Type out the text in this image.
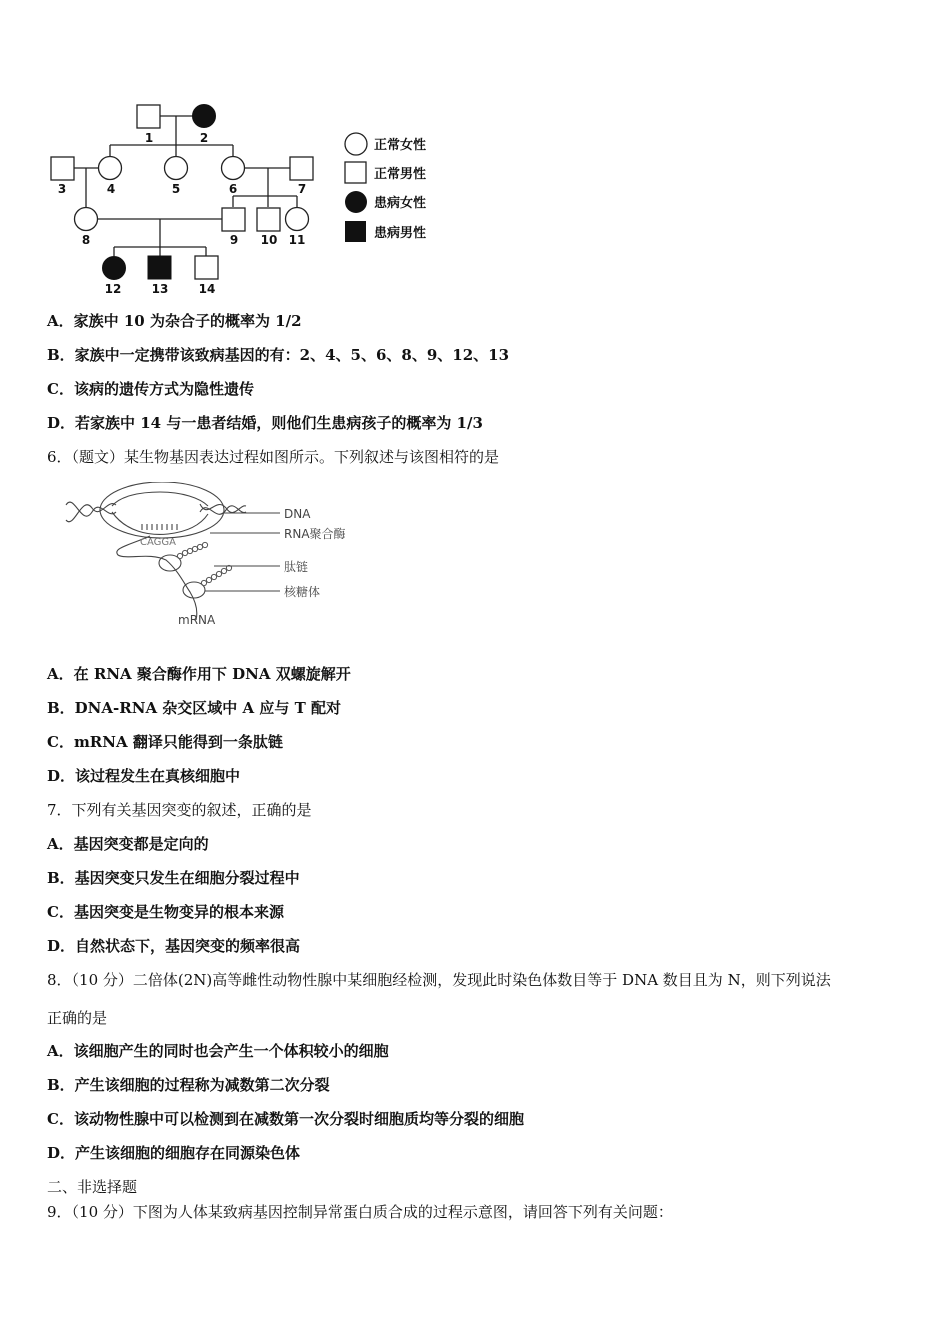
1	2
3	4	5	6	7
8	9 10 11
12	13	14
正常女性
正常男性
患病女性
患病男性
A．家族中 10 为杂合子的概率为 1/2
B．家族中一定携带该致病基因的有：2、4、5、6、8、9、12、13
C．该病的遗传方式为隐性遗传
D．若家族中 14 与一患者结婚，则他们生患病孩子的概率为 1/3
6．（题文）某生物基因表达过程如图所示。下列叙述与该图相符的是
CAGGA
DNA
RNA聚合酶
肽链
核糖体
mRNA
A．在 RNA 聚合酶作用下 DNA 双螺旋解开
B．DNA-RNA 杂交区域中 A 应与 T 配对
C．mRNA 翻译只能得到一条肽链
D．该过程发生在真核细胞中
7．下列有关基因突变的叙述，正确的是
A．基因突变都是定向的
B．基因突变只发生在细胞分裂过程中
C．基因突变是生物变异的根本来源
D．自然状态下，基因突变的频率很高
8．（10 分）二倍体(2N)高等雌性动物性腺中某细胞经检测，发现此时染色体数目等于 DNA 数目且为 N，则下列说法
正确的是
A．该细胞产生的同时也会产生一个体积较小的细胞
B．产生该细胞的过程称为减数第二次分裂
C．该动物性腺中可以检测到在减数第一次分裂时细胞质均等分裂的细胞
D．产生该细胞的细胞存在同源染色体
二、非选择题
9．（10 分）下图为人体某致病基因控制异常蛋白质合成的过程示意图，请回答下列有关问题：
